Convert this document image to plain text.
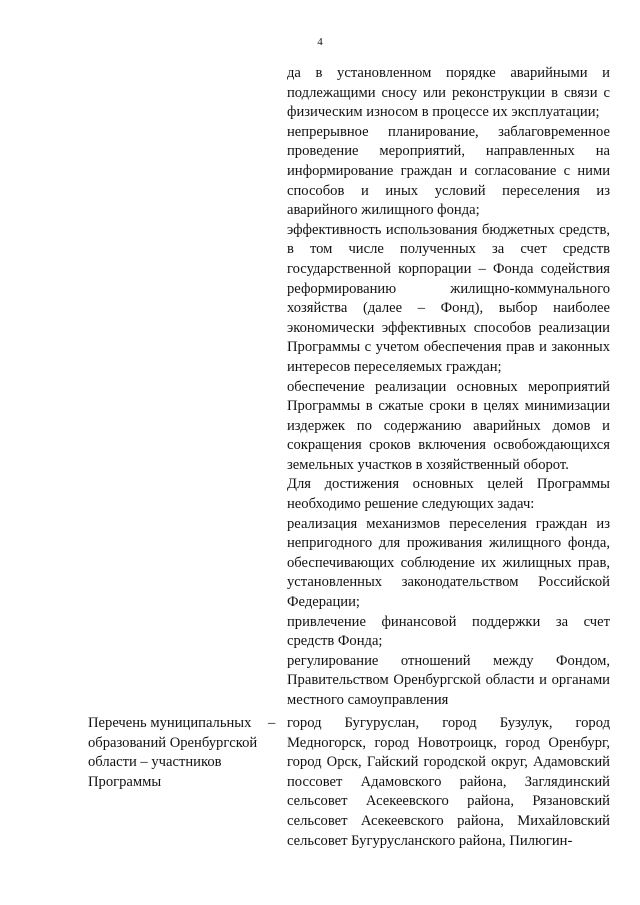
4

да в установленном порядке аварийными и подлежащими сносу или реконструкции в связи с физическим износом в процессе их эксплуатации;

непрерывное планирование, заблаговременное проведение мероприятий, направленных на информирование граждан и согласование с ними способов и иных условий переселения из аварийного жилищного фонда;

эффективность использования бюджетных средств, в том числе полученных за счет средств государственной корпорации – Фонда содействия реформированию жилищно-коммунального хозяйства (далее – Фонд), выбор наиболее экономически эффективных способов реализации Программы с учетом обеспечения прав и законных интересов переселяемых граждан;

обеспечение реализации основных мероприятий Программы в сжатые сроки в целях минимизации издержек по содержанию аварийных домов и сокращения сроков включения освобождающихся земельных участков в хозяйственный оборот.

Для достижения основных целей Программы необходимо решение следующих задач:

реализация механизмов переселения граждан из непригодного для проживания жилищного фонда, обеспечивающих соблюдение их жилищных прав, установленных законодательством Российской Федерации;

привлечение финансовой поддержки за счет средств Фонда;

регулирование отношений между Фондом, Правительством Оренбургской области и органами местного самоуправления

Перечень муниципальных образований Оренбургской области – участников Программы
– город Бугуруслан, город Бузулук, город Медногорск, город Новотроицк, город Оренбург, город Орск, Гайский городской округ, Адамовский поссовет Адамовского района, Заглядинский сельсовет Асекеевского района, Рязановский сельсовет Асекеевского района, Михайловский сельсовет Бугурусланского района, Пилюгин-
